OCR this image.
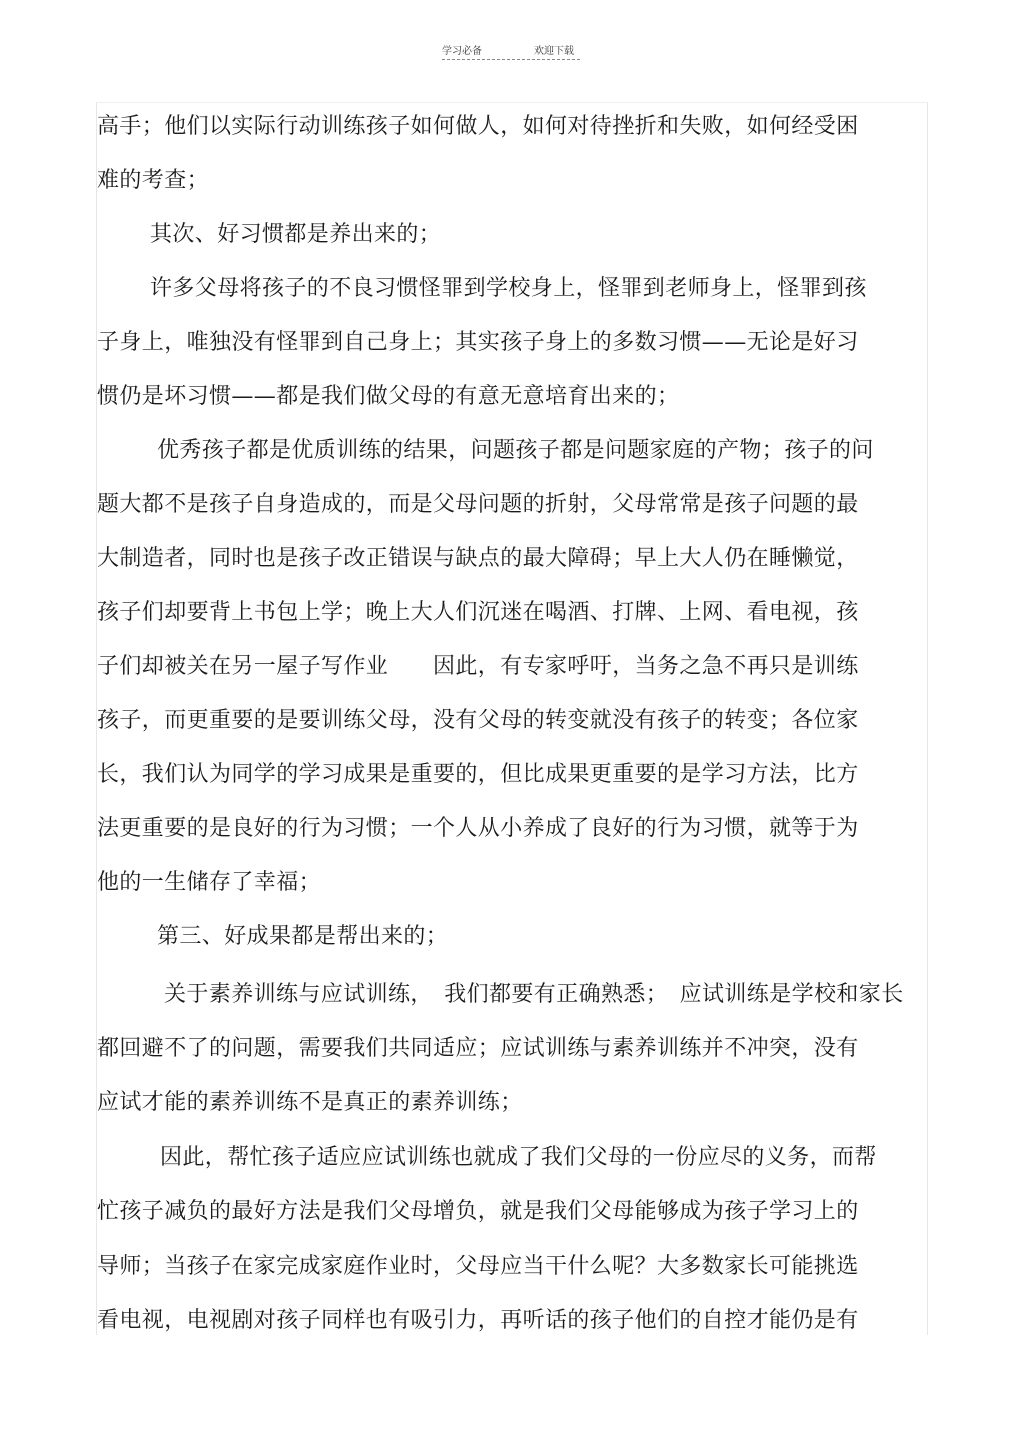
学习必备	欢迎下载
高手；他们以实际行动训练孩子如何做人，如何对待挫折和失败，如何经受困
难的考查；
其次、好习惯都是养出来的；
许多父母将孩子的不良习惯怪罪到学校身上，怪罪到老师身上，怪罪到孩
子身上，唯独没有怪罪到自己身上；其实孩子身上的多数习惯——无论是好习
惯仍是坏习惯——都是我们做父母的有意无意培育出来的；
优秀孩子都是优质训练的结果，问题孩子都是问题家庭的产物；孩子的问
题大都不是孩子自身造成的，而是父母问题的折射，父母常常是孩子问题的最
大制造者，同时也是孩子改正错误与缺点的最大障碍；早上大人仍在睡懒觉，
孩子们却要背上书包上学；晚上大人们沉迷在喝酒、打牌、上网、看电视，孩
子们却被关在另一屋子写作业　　因此，有专家呼吁，当务之急不再只是训练
孩子，而更重要的是要训练父母，没有父母的转变就没有孩子的转变；各位家
长，我们认为同学的学习成果是重要的，但比成果更重要的是学习方法，比方
法更重要的是良好的行为习惯；一个人从小养成了良好的行为习惯，就等于为
他的一生储存了幸福；
第三、好成果都是帮出来的；
关于素养训练与应试训练，　我们都要有正确熟悉；　应试训练是学校和家长
都回避不了的问题，需要我们共同适应；应试训练与素养训练并不冲突，没有
应试才能的素养训练不是真正的素养训练；
因此，帮忙孩子适应应试训练也就成了我们父母的一份应尽的义务，而帮
忙孩子减负的最好方法是我们父母增负，就是我们父母能够成为孩子学习上的
导师；当孩子在家完成家庭作业时，父母应当干什么呢？大多数家长可能挑选
看电视，电视剧对孩子同样也有吸引力，再听话的孩子他们的自控才能仍是有
